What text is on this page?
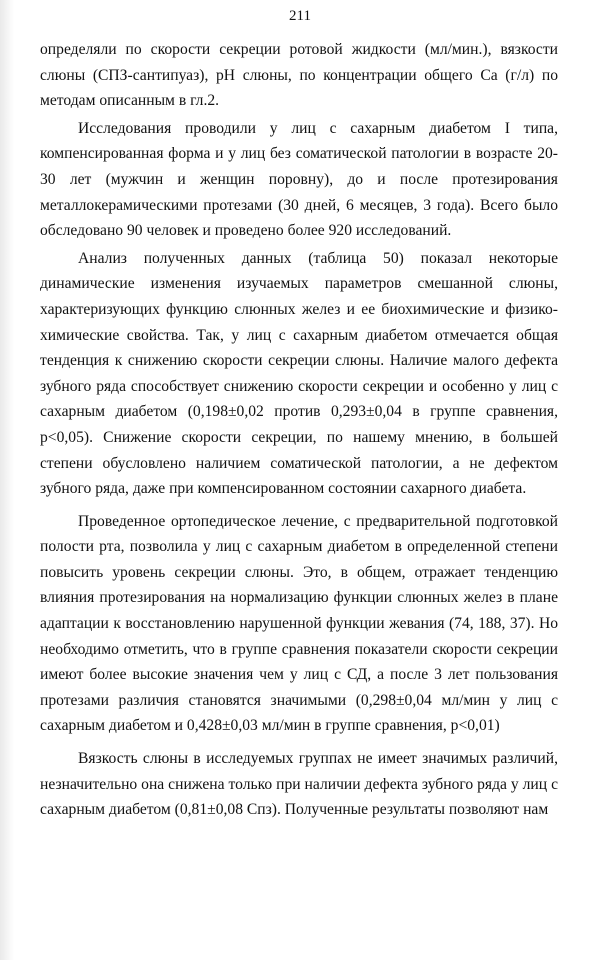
211

определяли по скорости секреции ротовой жидкости (мл/мин.), вязкости слюны (СПЗ-сантипуаз), рН слюны, по концентрации общего Са (г/л) по методам описанным в гл.2.

Исследования проводили у лиц с сахарным диабетом I типа, компенсированная форма и у лиц без соматической патологии в возрасте 20-30 лет (мужчин и женщин поровну), до и после протезирования металлокерамическими протезами (30 дней, 6 месяцев, 3 года). Всего было обследовано 90 человек и проведено более 920 исследований.

Анализ полученных данных (таблица 50) показал некоторые динамические изменения изучаемых параметров смешанной слюны, характеризующих функцию слюнных желез и ее биохимические и физико-химические свойства. Так, у лиц с сахарным диабетом отмечается общая тенденция к снижению скорости секреции слюны. Наличие малого дефекта зубного ряда способствует снижению скорости секреции и особенно у лиц с сахарным диабетом (0,198±0,02 против 0,293±0,04 в группе сравнения, р<0,05). Снижение скорости секреции, по нашему мнению, в большей степени обусловлено наличием соматической патологии, а не дефектом зубного ряда, даже при компенсированном состоянии сахарного диабета.

Проведенное ортопедическое лечение, с предварительной подготовкой полости рта, позволила у лиц с сахарным диабетом в определенной степени повысить уровень секреции слюны. Это, в общем, отражает тенденцию влияния протезирования на нормализацию функции слюнных желез в плане адаптации к восстановлению нарушенной функции жевания (74, 188, 37). Но необходимо отметить, что в группе сравнения показатели скорости секреции имеют более высокие значения чем у лиц с СД, а после 3 лет пользования протезами различия становятся значимыми (0,298±0,04 мл/мин у лиц с сахарным диабетом и 0,428±0,03 мл/мин в группе сравнения, р<0,01)

Вязкость слюны в исследуемых группах не имеет значимых различий, незначительно она снижена только при наличии дефекта зубного ряда у лиц с сахарным диабетом (0,81±0,08 Спз). Полученные результаты позволяют нам
